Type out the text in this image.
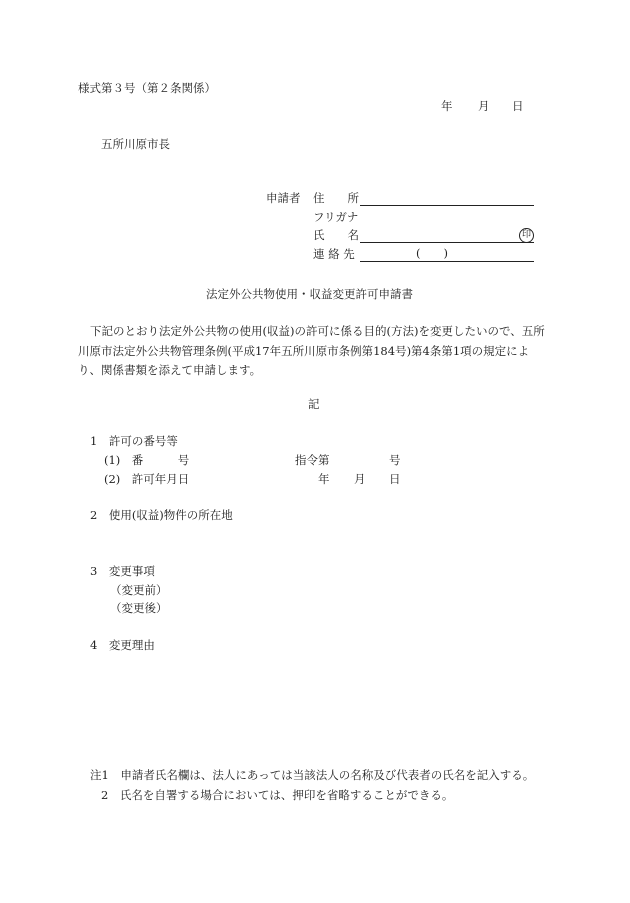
様式第３号（第２条関係）
年 月 日
五所川原市長
申請者 住　　所
フリガナ
氏　　名	印
連 絡 先	(　　)
法定外公共物使用・収益変更許可申請書
下記のとおり法定外公共物の使用(収益)の許可に係る目的(方法)を変更したいので、五所川原市法定外公共物管理条例(平成17年五所川原市条例第184号)第4条第1項の規定により、関係書類を添えて申請します。
記
1　許可の番号等
(1)　番　　　号	指令第	号
(2)　許可年月日	年 月 日
2　使用(収益)物件の所在地
3　変更事項
（変更前）
（変更後）
4　変更理由
注1　申請者氏名欄は、法人にあっては当該法人の名称及び代表者の氏名を記入する。
2　氏名を自署する場合においては、押印を省略することができる。
